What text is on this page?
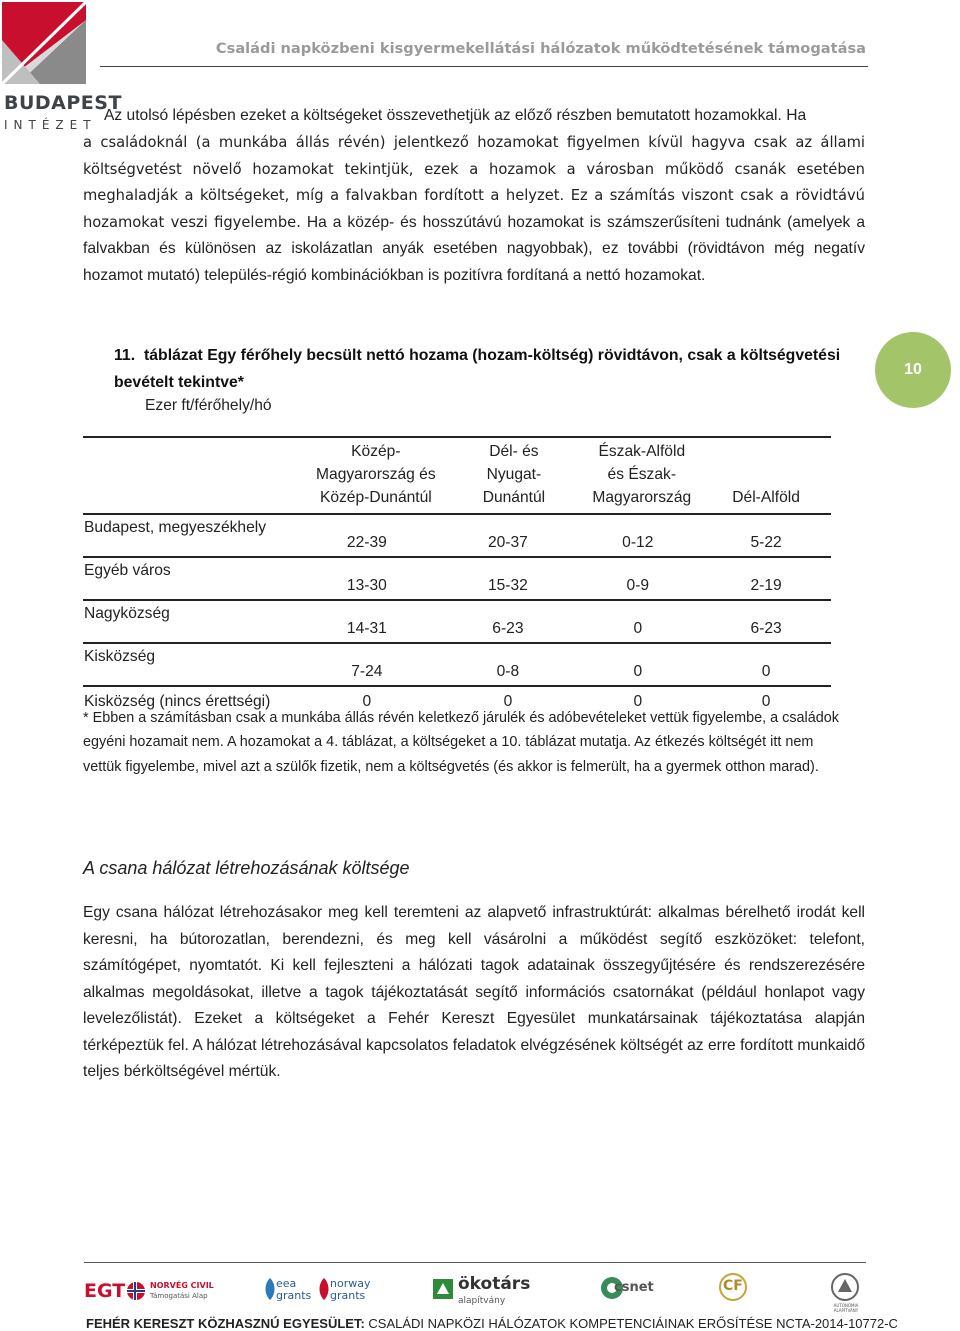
BUDAPEST
INTÉZET
Családi napközbeni kisgyermekellátási hálózatok működtetésének támogatása
Az utolsó lépésben ezeket a költségeket összevethetjük az előző részben bemutatott hozamokkal. Ha
a családoknál (a munkába állás révén) jelentkező hozamokat figyelmen kívül hagyva csak az állami költségvetést növelő hozamokat tekintjük, ezek a hozamok a városban működő csanák esetében meghaladják a költségeket, míg a falvakban fordított a helyzet. Ez a számítás viszont csak a rövidtávú hozamokat veszi figyelembe. Ha a közép- és hosszútávú hozamokat is számszerűsíteni tudnánk (amelyek a falvakban és különösen az iskolázatlan anyák esetében nagyobbak), ez további (rövidtávon még negatív hozamot mutató) település-régió kombinációkban is pozitívra fordítaná a nettó hozamokat.
10
11. táblázat Egy férőhely becsült nettó hozama (hozam-költség) rövidtávon, csak a költségvetési bevételt tekintve*
Ezer ft/férőhely/hó
	Közép-Magyarország és Közép-Dunántúl	Dél- és Nyugat-Dunántúl	Észak-Alföld és Észak-Magyarország	Dél-Alföld
Budapest, megyeszékhely	22-39	20-37	0-12	5-22
Egyéb város	13-30	15-32	0-9	2-19
Nagyközség	14-31	6-23	0	6-23
Kisközség	7-24	0-8	0	0
Kisközség (nincs érettségi)	0	0	0	0
* Ebben a számításban csak a munkába állás révén keletkező járulék és adóbevételeket vettük figyelembe, a családok egyéni hozamait nem. A hozamokat a 4. táblázat, a költségeket a 10. táblázat mutatja. Az étkezés költségét itt nem vettük figyelembe, mivel azt a szülők fizetik, nem a költségvetés (és akkor is felmerült, ha a gyermek otthon marad).
A csana hálózat létrehozásának költsége
Egy csana hálózat létrehozásakor meg kell teremteni az alapvető infrastruktúrát: alkalmas bérelhető irodát kell keresni, ha bútorozatlan, berendezni, és meg kell vásárolni a működést segítő eszközöket: telefont, számítógépet, nyomtatót. Ki kell fejleszteni a hálózati tagok adatainak összegyűjtésére és rendszerezésére alkalmas megoldásokat, illetve a tagok tájékoztatását segítő információs csatornákat (például honlapot vagy levelezőlistát). Ezeket a költségeket a Fehér Kereszt Egyesület munkatársainak tájékoztatása alapján térképeztük fel. A hálózat létrehozásával kapcsolatos feladatok elvégzésének költségét az erre fordított munkaidő teljes bérköltségével mértük.
EGT	NORVÉG CIVIL
Támogatási Alap
eea grants
norway grants
ökotárs
alapítvány
csnet	CF
AUTONÓMIA ALAPÍTVÁNY
FEHÉR KERESZT KÖZHASZNÚ EGYESÜLET: CSALÁDI NAPKÖZI HÁLÓZATOK KOMPETENCIÁINAK ERŐSÍTÉSE NCTA-2014-10772-C
